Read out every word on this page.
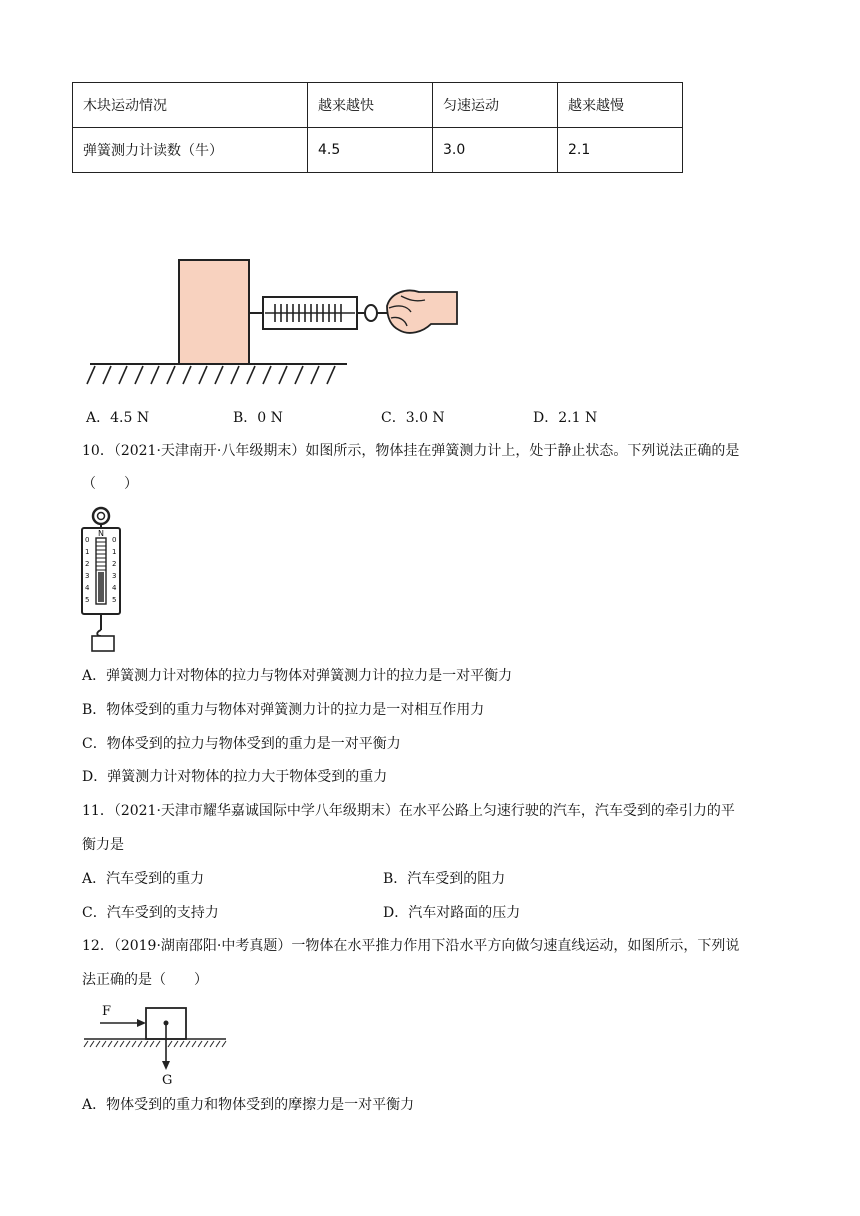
木块运动情况	越来越快	匀速运动	越来越慢
弹簧测力计读数（牛）	4.5	3.0	2.1
A．4.5 N	B．0 N	C．3.0 N	D．2.1 N
10．（2021·天津南开·八年级期末）如图所示，物体挂在弹簧测力计上，处于静止状态。下列说法正确的是
（　　）
N
0
1
2
3
4
5
0
1
2
3
4
5
A．弹簧测力计对物体的拉力与物体对弹簧测力计的拉力是一对平衡力
B．物体受到的重力与物体对弹簧测力计的拉力是一对相互作用力
C．物体受到的拉力与物体受到的重力是一对平衡力
D．弹簧测力计对物体的拉力大于物体受到的重力
11．（2021·天津市耀华嘉诚国际中学八年级期末）在水平公路上匀速行驶的汽车，汽车受到的牵引力的平
衡力是
A．汽车受到的重力	B．汽车受到的阻力
C．汽车受到的支持力	D．汽车对路面的压力
12．（2019·湖南邵阳·中考真题）一物体在水平推力作用下沿水平方向做匀速直线运动，如图所示，下列说
法正确的是（　　）
F
G
A．物体受到的重力和物体受到的摩擦力是一对平衡力
